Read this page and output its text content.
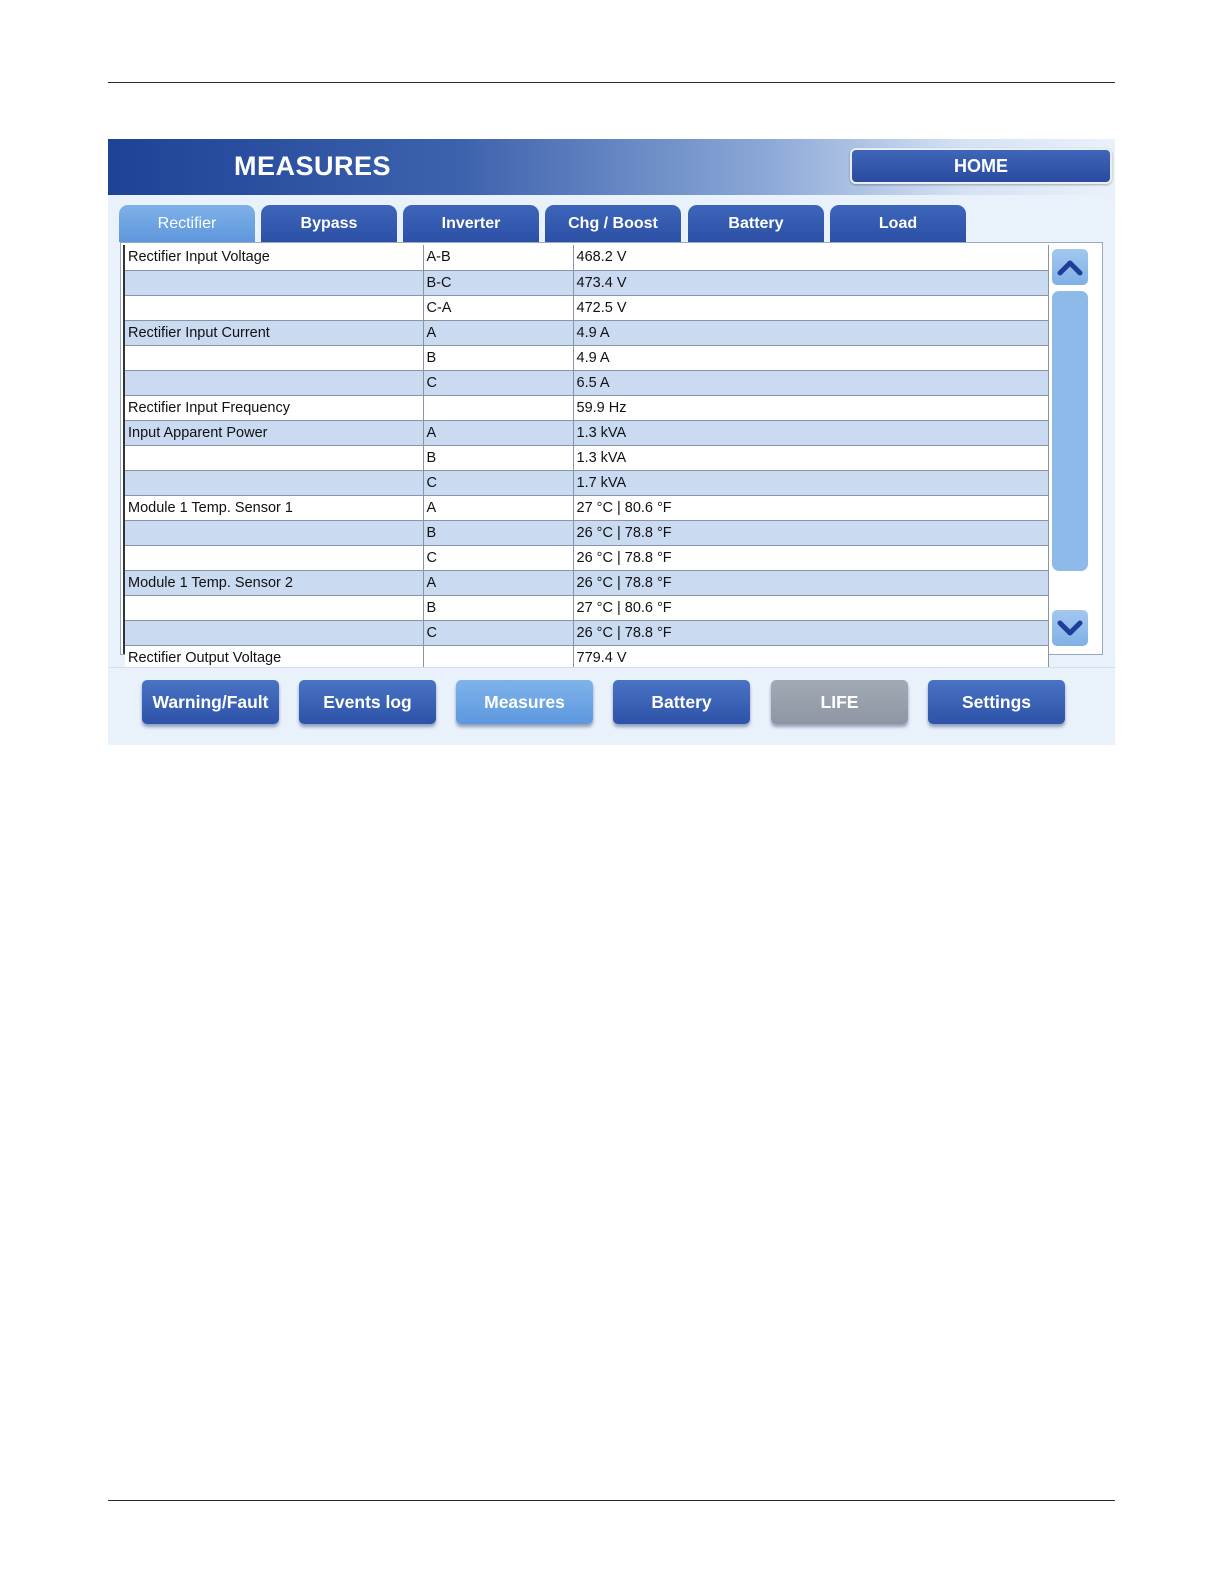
MEASURES	HOME
Rectifier	Bypass	Inverter	Chg / Boost	Battery	Load
Rectifier Input Voltage	A-B	468.2 V
	B-C	473.4 V
	C-A	472.5 V
Rectifier Input Current	A	4.9 A
	B	4.9 A
	C	6.5 A
Rectifier Input Frequency		59.9 Hz
Input Apparent Power	A	1.3 kVA
	B	1.3 kVA
	C	1.7 kVA
Module 1 Temp. Sensor 1	A	27 °C | 80.6 °F
	B	26 °C | 78.8 °F
	C	26 °C | 78.8 °F
Module 1 Temp. Sensor 2	A	26 °C | 78.8 °F
	B	27 °C | 80.6 °F
	C	26 °C | 78.8 °F
Rectifier Output Voltage		779.4 V
Warning/Fault	Events log	Measures	Battery	LIFE	Settings
